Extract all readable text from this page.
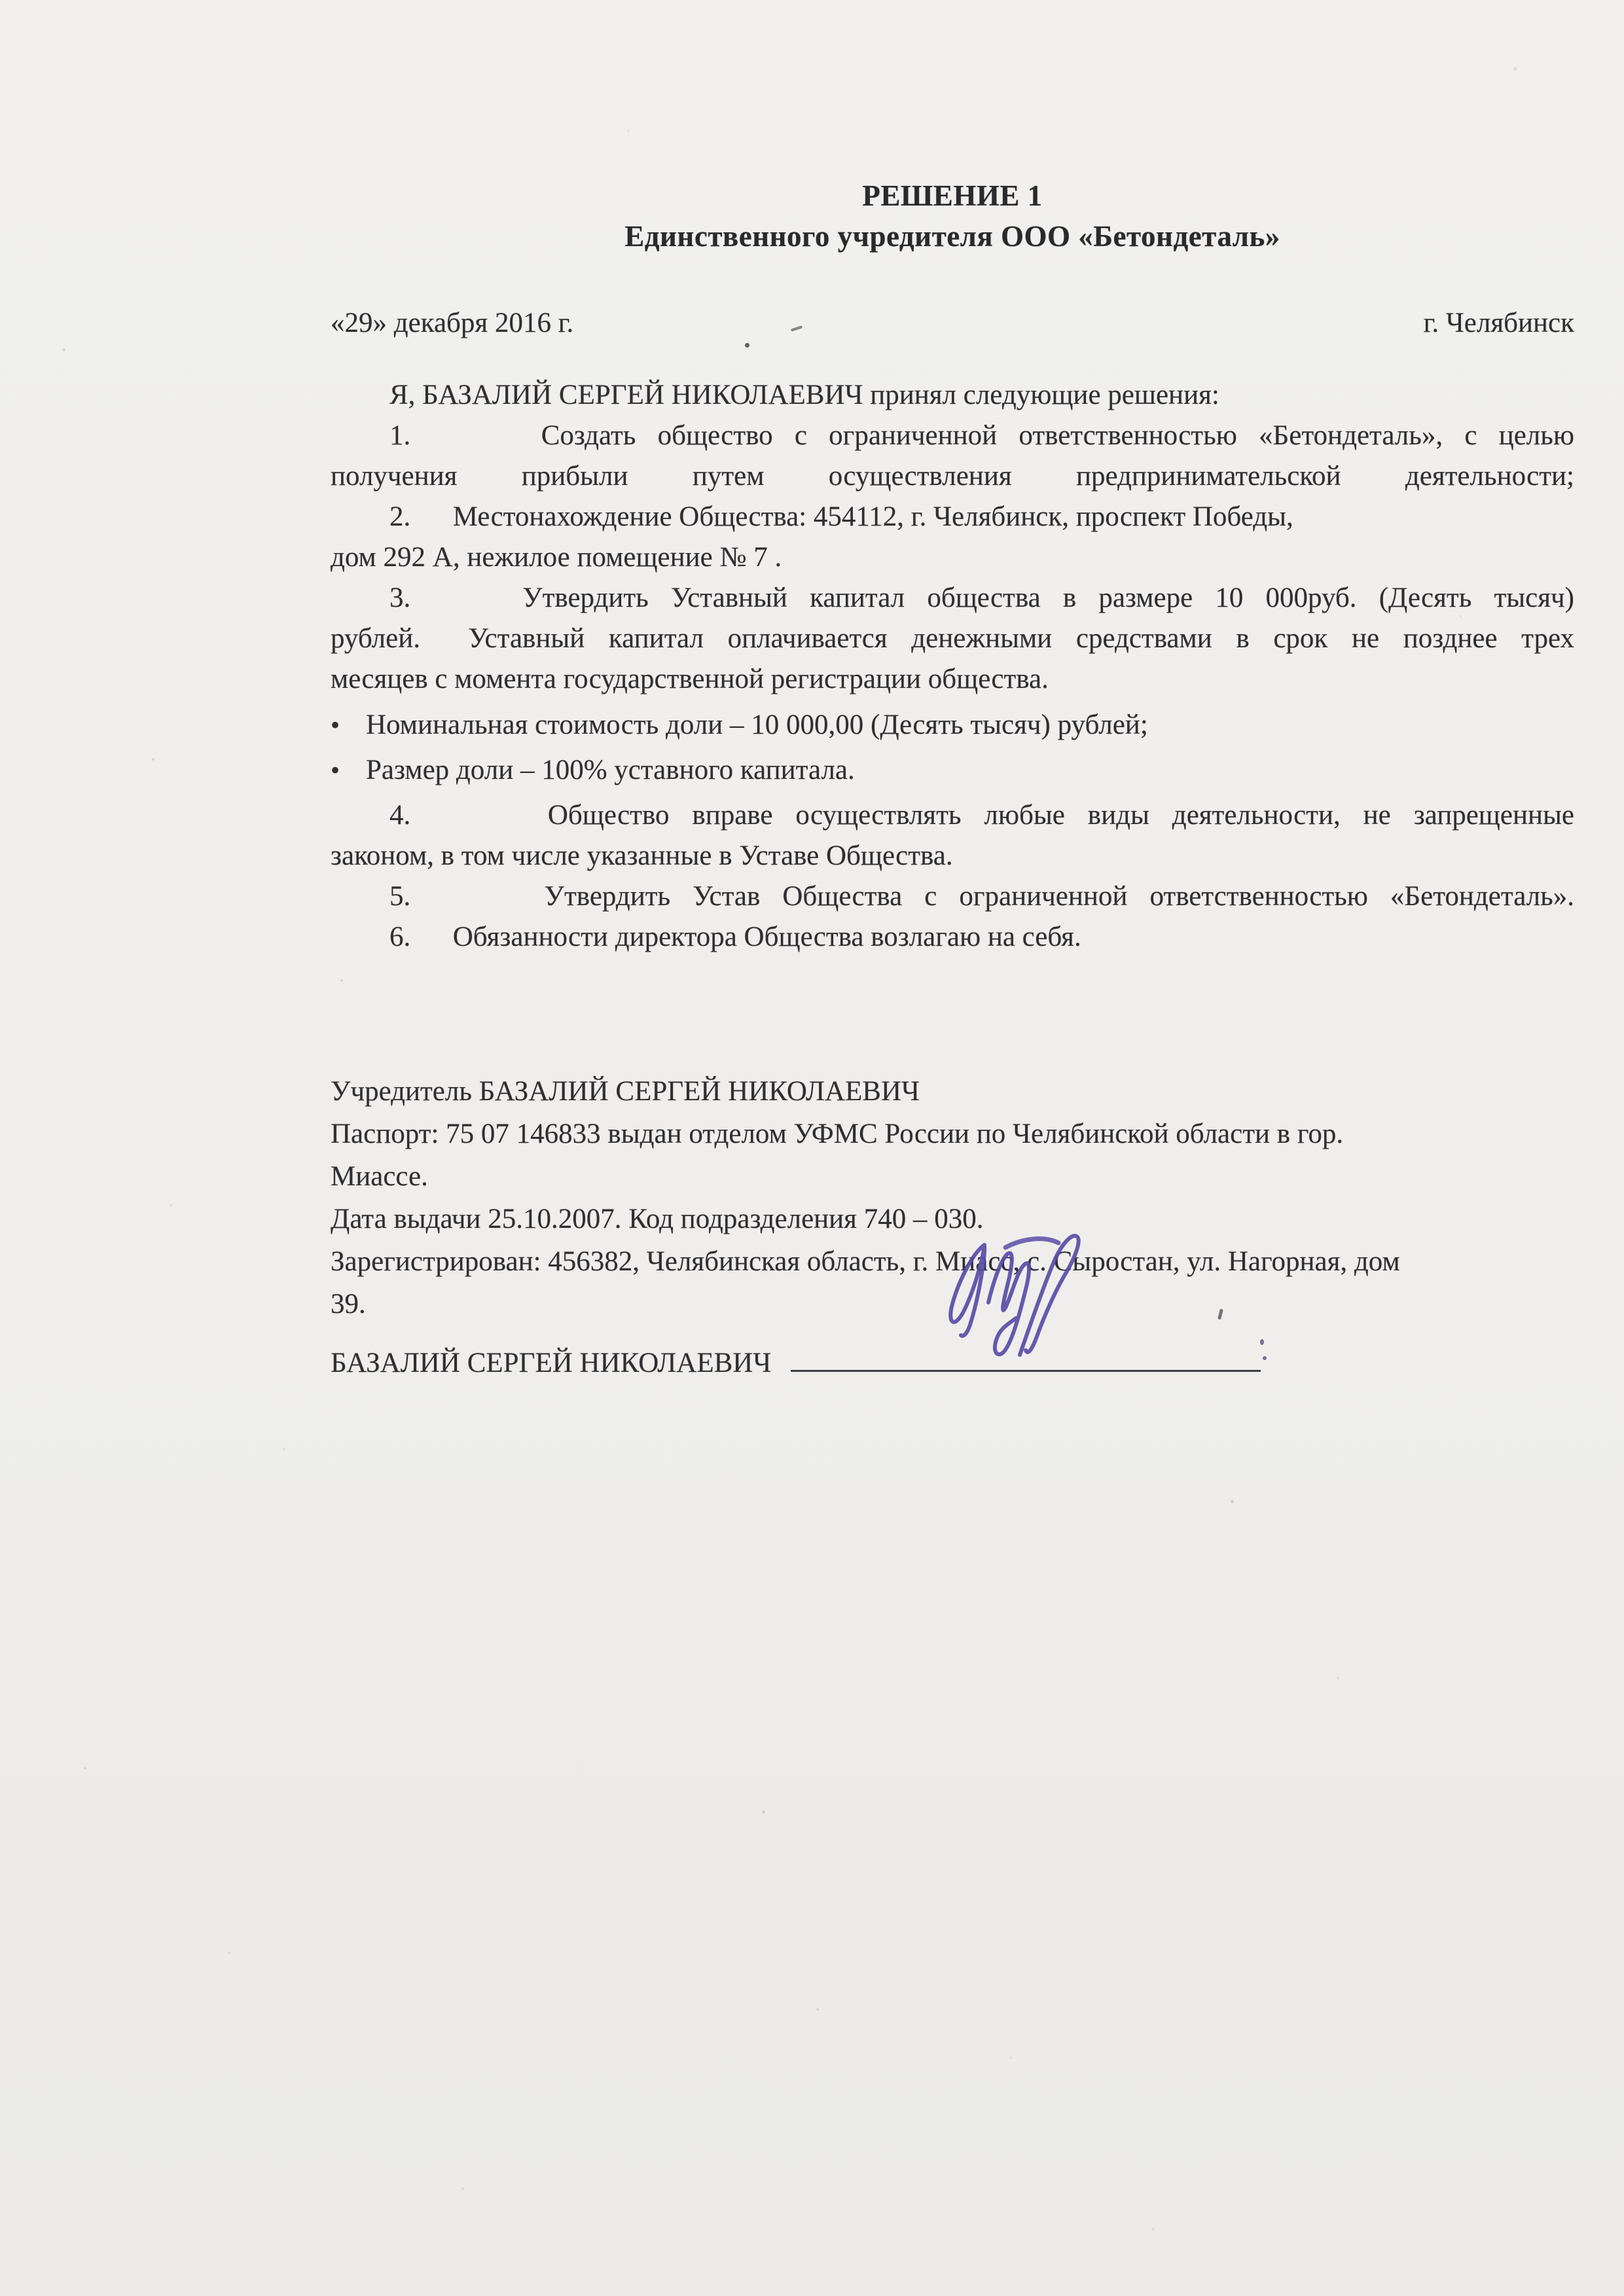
РЕШЕНИЕ 1
Единственного учредителя ООО «Бетондеталь»
«29» декабря 2016 г.	г. Челябинск

Я, БАЗАЛИЙ СЕРГЕЙ НИКОЛАЕВИЧ принял следующие решения:

1.      Создать общество с ограниченной ответственностью «Бетондеталь», с целью

получения прибыли путем осуществления предпринимательской деятельности;

2.      Местонахождение Общества: 454112, г. Челябинск, проспект Победы,

дом 292 А, нежилое помещение № 7 .

3.     Утвердить Уставный капитал общества в размере 10 000руб. (Десять тысяч)

рублей.  Уставный капитал оплачивается денежными средствами в срок не позднее трех

месяцев с момента государственной регистрации общества.

• Номинальная стоимость доли – 10 000,00 (Десять тысяч) рублей;
• Размер доли – 100% уставного капитала.

4.      Общество вправе осуществлять любые виды деятельности, не запрещенные

законом, в том числе указанные в Уставе Общества.

5.      Утвердить Устав Общества с ограниченной ответственностью «Бетондеталь».

6.      Обязанности директора Общества возлагаю на себя.

Учредитель БАЗАЛИЙ СЕРГЕЙ НИКОЛАЕВИЧ
Паспорт: 75 07 146833 выдан отделом УФМС России по Челябинской области в гор.
Миассе.
Дата выдачи 25.10.2007. Код подразделения 740 – 030.
Зарегистрирован: 456382, Челябинская область, г. Миасс, с. Сыростан, ул. Нагорная, дом
39.
БАЗАЛИЙ СЕРГЕЙ НИКОЛАЕВИЧ
